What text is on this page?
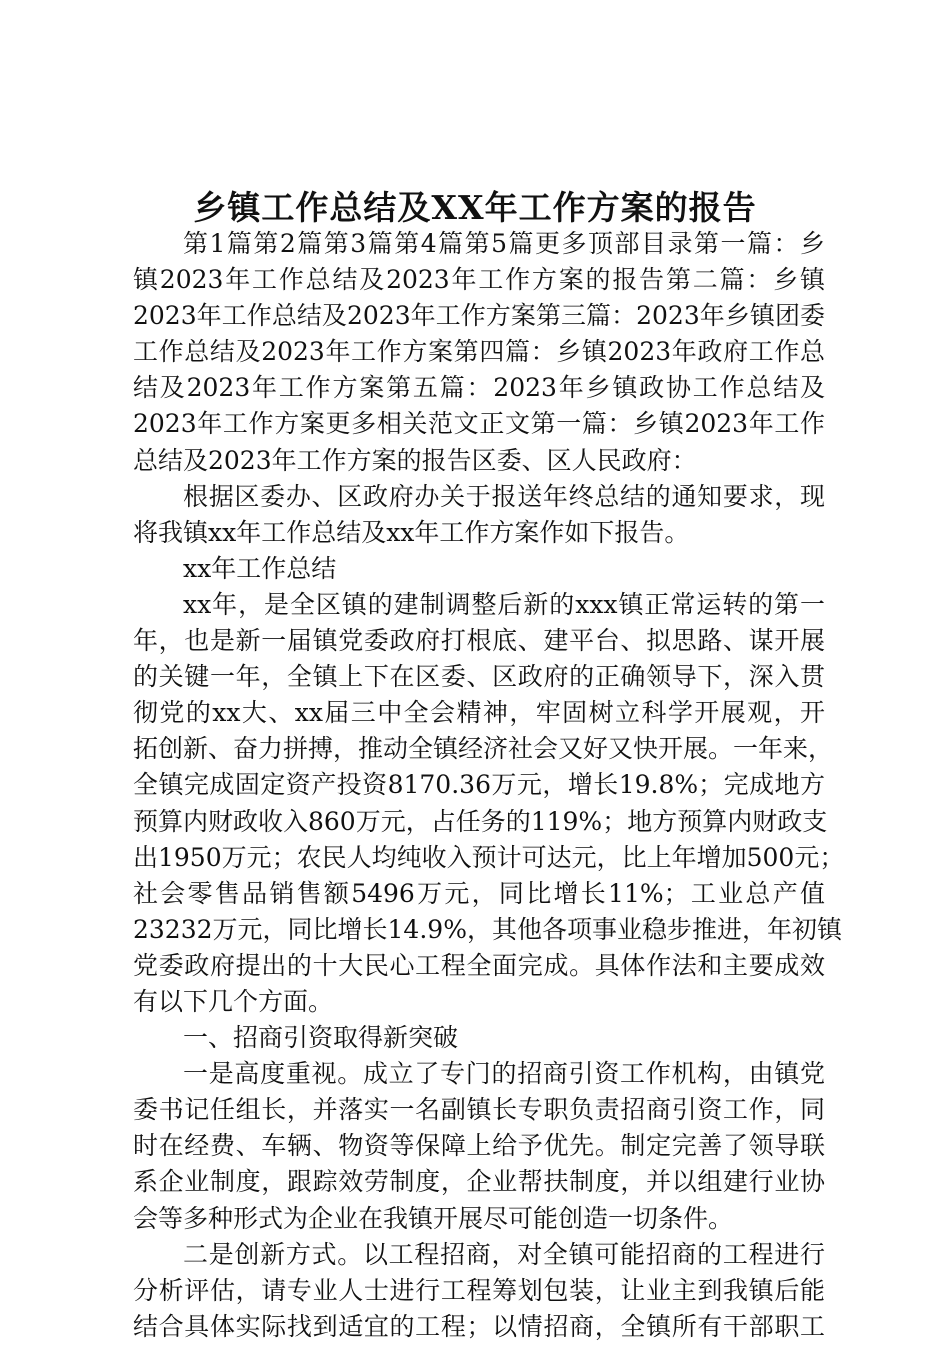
乡镇工作总结及XX年工作方案的报告
第1篇第2篇第3篇第4篇第5篇更多顶部目录第一篇：乡
镇2023年工作总结及2023年工作方案的报告第二篇：乡镇
2023年工作总结及2023年工作方案第三篇：2023年乡镇团委
工作总结及2023年工作方案第四篇：乡镇2023年政府工作总
结及2023年工作方案第五篇：2023年乡镇政协工作总结及
2023年工作方案更多相关范文正文第一篇：乡镇2023年工作
总结及2023年工作方案的报告区委、区人民政府：
根据区委办、区政府办关于报送年终总结的通知要求，现
将我镇xx年工作总结及xx年工作方案作如下报告。
xx年工作总结
xx年，是全区镇的建制调整后新的xxx镇正常运转的第一
年，也是新一届镇党委政府打根底、建平台、拟思路、谋开展
的关键一年，全镇上下在区委、区政府的正确领导下，深入贯
彻党的xx大、xx届三中全会精神，牢固树立科学开展观，开
拓创新、奋力拼搏，推动全镇经济社会又好又快开展。一年来，
全镇完成固定资产投资8170.36万元，增长19.8%；完成地方
预算内财政收入860万元，占任务的119%；地方预算内财政支
出1950万元；农民人均纯收入预计可达元，比上年增加500元；
社会零售品销售额5496万元，同比增长11%；工业总产值
23232万元，同比增长14.9%，其他各项事业稳步推进，年初镇
党委政府提出的十大民心工程全面完成。具体作法和主要成效
有以下几个方面。
一、招商引资取得新突破
一是高度重视。成立了专门的招商引资工作机构，由镇党
委书记任组长，并落实一名副镇长专职负责招商引资工作，同
时在经费、车辆、物资等保障上给予优先。制定完善了领导联
系企业制度，跟踪效劳制度，企业帮扶制度，并以组建行业协
会等多种形式为企业在我镇开展尽可能创造一切条件。
二是创新方式。以工程招商，对全镇可能招商的工程进行
分析评估，请专业人士进行工程筹划包装，让业主到我镇后能
结合具体实际找到适宜的工程；以情招商，全镇所有干部职工
